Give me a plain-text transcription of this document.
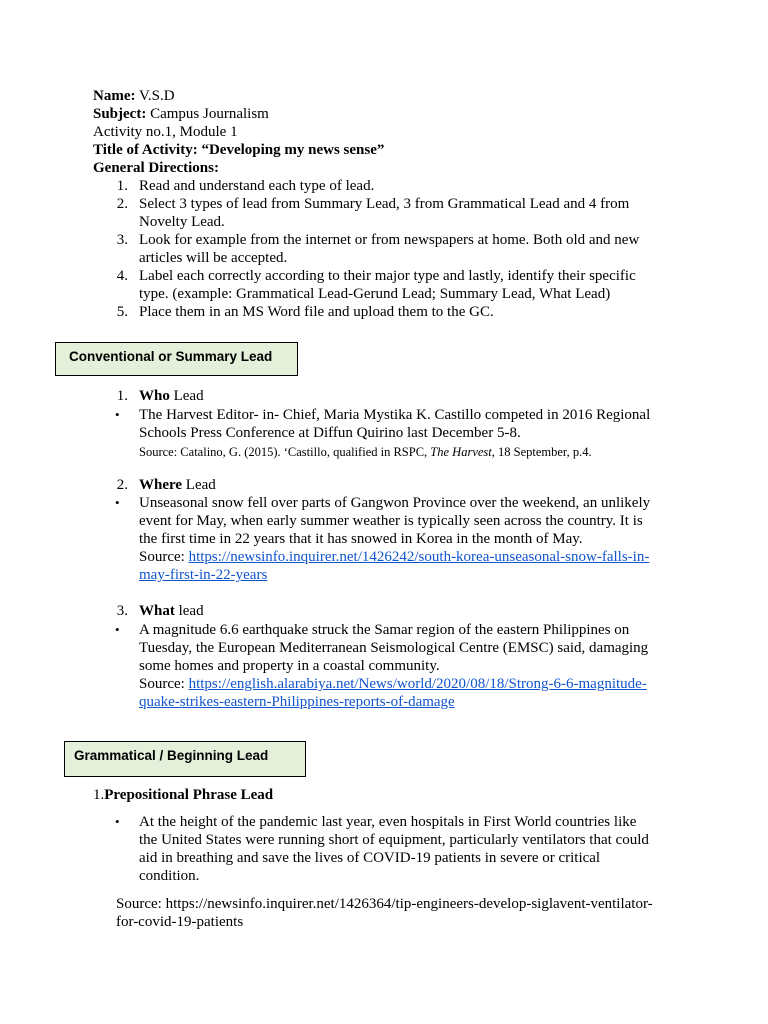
Name: V.S.D
Subject: Campus Journalism
Activity no.1, Module 1
Title of Activity: “Developing my news sense”
General Directions:
1. Read and understand each type of lead.
2. Select 3 types of lead from Summary Lead, 3 from Grammatical Lead and 4 from
Novelty Lead.
3. Look for example from the internet or from newspapers at home. Both old and new
articles will be accepted.
4. Label each correctly according to their major type and lastly, identify their specific
type. (example: Grammatical Lead-Gerund Lead; Summary Lead, What Lead)
5. Place them in an MS Word file and upload them to the GC.
Conventional or Summary Lead
1. Who Lead
• The Harvest Editor- in- Chief, Maria Mystika K. Castillo competed in 2016 Regional
Schools Press Conference at Diffun Quirino last December 5-8.
Source: Catalino, G. (2015). ‘Castillo, qualified in RSPC, The Harvest, 18 September, p.4.
2. Where Lead
• Unseasonal snow fell over parts of Gangwon Province over the weekend, an unlikely
event for May, when early summer weather is typically seen across the country. It is
the first time in 22 years that it has snowed in Korea in the month of May.
Source: https://newsinfo.inquirer.net/1426242/south-korea-unseasonal-snow-falls-in-
may-first-in-22-years
3. What lead
• A magnitude 6.6 earthquake struck the Samar region of the eastern Philippines on
Tuesday, the European Mediterranean Seismological Centre (EMSC) said, damaging
some homes and property in a coastal community.
Source: https://english.alarabiya.net/News/world/2020/08/18/Strong-6-6-magnitude-
quake-strikes-eastern-Philippines-reports-of-damage
Grammatical / Beginning Lead
1.Prepositional Phrase Lead
• At the height of the pandemic last year, even hospitals in First World countries like
the United States were running short of equipment, particularly ventilators that could
aid in breathing and save the lives of COVID-19 patients in severe or critical
condition.
Source: https://newsinfo.inquirer.net/1426364/tip-engineers-develop-siglavent-ventilator-
for-covid-19-patients
